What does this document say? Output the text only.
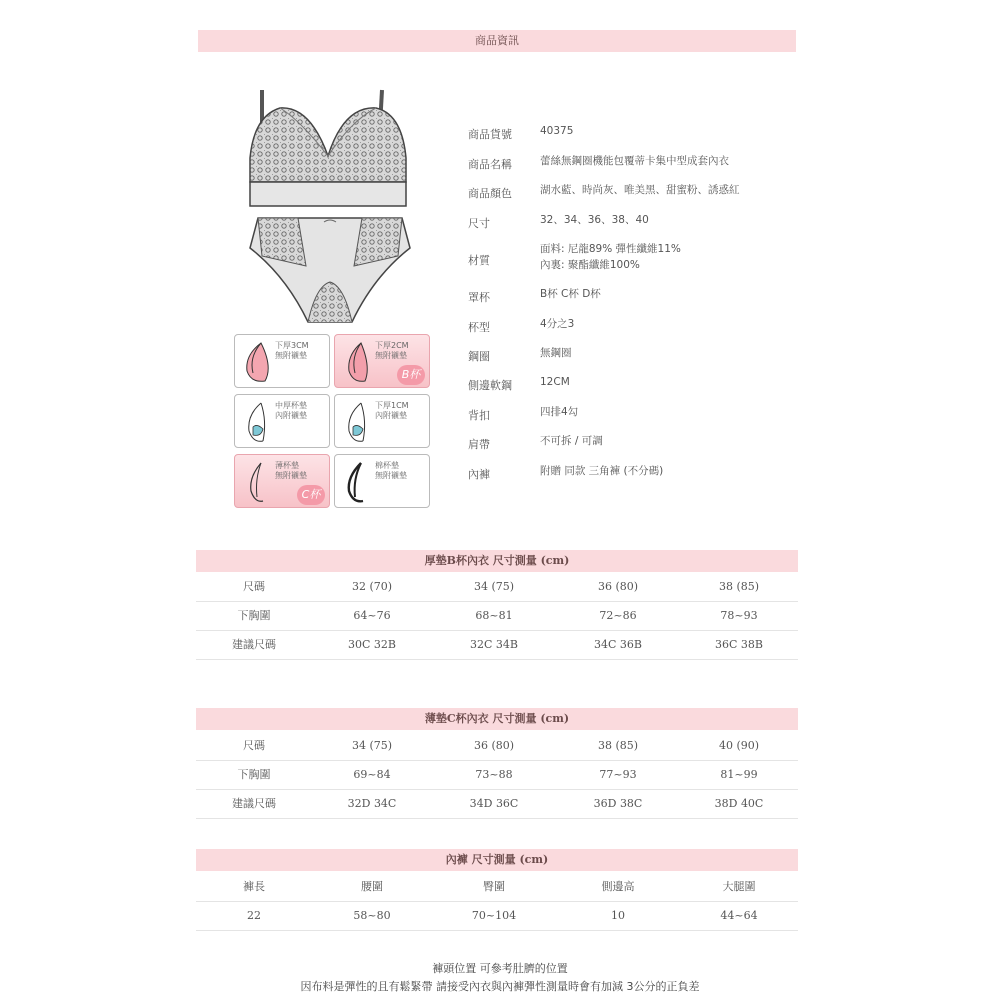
商品資訊
下厚3CM
無附襯墊
下厚2CM
無附襯墊
B杯
中厚杯墊
內附襯墊
下厚1CM
內附襯墊
薄杯墊
無附襯墊
C杯
棉杯墊
無附襯墊
商品貨號	40375
商品名稱	蕾絲無鋼圈機能包覆蒂卡集中型成套內衣
商品顏色	湖水藍、時尚灰、唯美黑、甜蜜粉、誘惑紅
尺寸	32、34、36、38、40
材質
面料: 尼龍89% 彈性纖維11%
內裏: 聚酯纖維100%
罩杯	B杯 C杯 D杯
杯型	4分之3
鋼圈	無鋼圈
側邊軟鋼	12CM
背扣	四排4勾
肩帶	不可拆 / 可調
內褲	附贈 同款 三角褲 (不分碼)
厚墊B杯內衣 尺寸測量 (cm)
尺碼	32 (70)	34 (75)	36 (80)	38 (85)
下胸圍	64~76	68~81	72~86	78~93
建議尺碼	30C 32B	32C 34B	34C 36B	36C 38B
薄墊C杯內衣 尺寸測量 (cm)
尺碼	34 (75)	36 (80)	38 (85)	40 (90)
下胸圍	69~84	73~88	77~93	81~99
建議尺碼	32D 34C	34D 36C	36D 38C	38D 40C
內褲 尺寸測量 (cm)
褲長	腰圍	臀圍	側邊高	大腿圍
22	58~80	70~104	10	44~64
褲頭位置 可參考肚臍的位置
因布料是彈性的且有鬆緊帶 請接受內衣與內褲彈性測量時會有加減 3公分的正負差
